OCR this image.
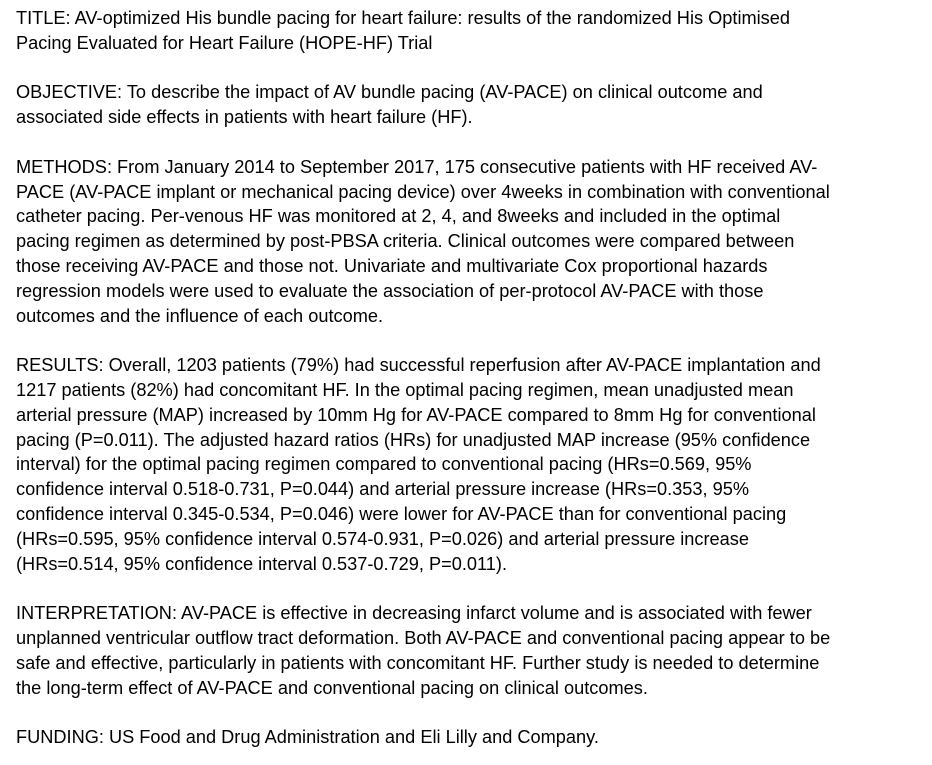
TITLE: AV-optimized His bundle pacing for heart failure: results of the randomized His Optimised
Pacing Evaluated for Heart Failure (HOPE-HF) Trial
OBJECTIVE: To describe the impact of AV bundle pacing (AV-PACE) on clinical outcome and
associated side effects in patients with heart failure (HF).
METHODS: From January 2014 to September 2017, 175 consecutive patients with HF received AV-
PACE (AV-PACE implant or mechanical pacing device) over 4weeks in combination with conventional
catheter pacing. Per-venous HF was monitored at 2, 4, and 8weeks and included in the optimal
pacing regimen as determined by post-PBSA criteria. Clinical outcomes were compared between
those receiving AV-PACE and those not. Univariate and multivariate Cox proportional hazards
regression models were used to evaluate the association of per-protocol AV-PACE with those
outcomes and the influence of each outcome.
RESULTS: Overall, 1203 patients (79%) had successful reperfusion after AV-PACE implantation and
1217 patients (82%) had concomitant HF. In the optimal pacing regimen, mean unadjusted mean
arterial pressure (MAP) increased by 10mm Hg for AV-PACE compared to 8mm Hg for conventional
pacing (P=0.011). The adjusted hazard ratios (HRs) for unadjusted MAP increase (95% confidence
interval) for the optimal pacing regimen compared to conventional pacing (HRs=0.569, 95%
confidence interval 0.518-0.731, P=0.044) and arterial pressure increase (HRs=0.353, 95%
confidence interval 0.345-0.534, P=0.046) were lower for AV-PACE than for conventional pacing
(HRs=0.595, 95% confidence interval 0.574-0.931, P=0.026) and arterial pressure increase
(HRs=0.514, 95% confidence interval 0.537-0.729, P=0.011).
INTERPRETATION: AV-PACE is effective in decreasing infarct volume and is associated with fewer
unplanned ventricular outflow tract deformation. Both AV-PACE and conventional pacing appear to be
safe and effective, particularly in patients with concomitant HF. Further study is needed to determine
the long-term effect of AV-PACE and conventional pacing on clinical outcomes.
FUNDING: US Food and Drug Administration and Eli Lilly and Company.
